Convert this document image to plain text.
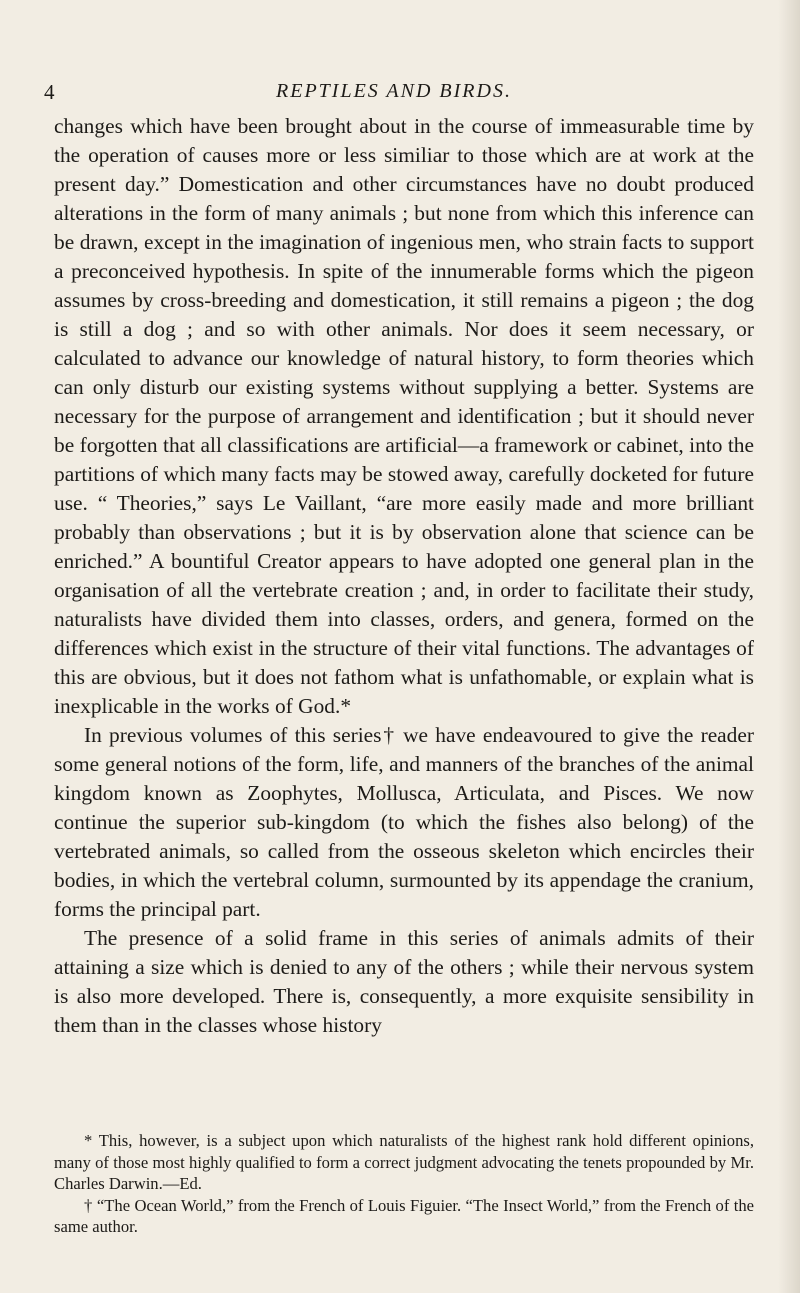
4	REPTILES AND BIRDS.

changes which have been brought about in the course of immeasurable time by the operation of causes more or less similiar to those which are at work at the present day.” Domestication and other circumstances have no doubt produced alterations in the form of many animals ; but none from which this inference can be drawn, except in the imagination of ingenious men, who strain facts to support a preconceived hypothesis. In spite of the innumerable forms which the pigeon assumes by cross-breeding and domestication, it still remains a pigeon ; the dog is still a dog ; and so with other animals. Nor does it seem necessary, or calculated to advance our knowledge of natural history, to form theories which can only disturb our existing systems without supplying a better. Systems are necessary for the purpose of arrangement and identification ; but it should never be forgotten that all classifications are artificial—a framework or cabinet, into the partitions of which many facts may be stowed away, carefully docketed for future use. “ Theories,” says Le Vaillant, “are more easily made and more brilliant probably than observations ; but it is by observation alone that science can be enriched.” A bountiful Creator appears to have adopted one general plan in the organisation of all the vertebrate creation ; and, in order to facilitate their study, naturalists have divided them into classes, orders, and genera, formed on the differences which exist in the structure of their vital functions. The advantages of this are obvious, but it does not fathom what is unfathomable, or explain what is inexplicable in the works of God.*

In previous volumes of this series† we have endeavoured to give the reader some general notions of the form, life, and manners of the branches of the animal kingdom known as Zoophytes, Mollusca, Articulata, and Pisces. We now continue the superior sub-kingdom (to which the fishes also belong) of the vertebrated animals, so called from the osseous skeleton which encircles their bodies, in which the vertebral column, surmounted by its appendage the cranium, forms the principal part.

The presence of a solid frame in this series of animals admits of their attaining a size which is denied to any of the others ; while their nervous system is also more developed. There is, consequently, a more exquisite sensibility in them than in the classes whose history

* This, however, is a subject upon which naturalists of the highest rank hold different opinions, many of those most highly qualified to form a correct judgment advocating the tenets propounded by Mr. Charles Darwin.—Ed.

† “The Ocean World,” from the French of Louis Figuier. “The Insect World,” from the French of the same author.
